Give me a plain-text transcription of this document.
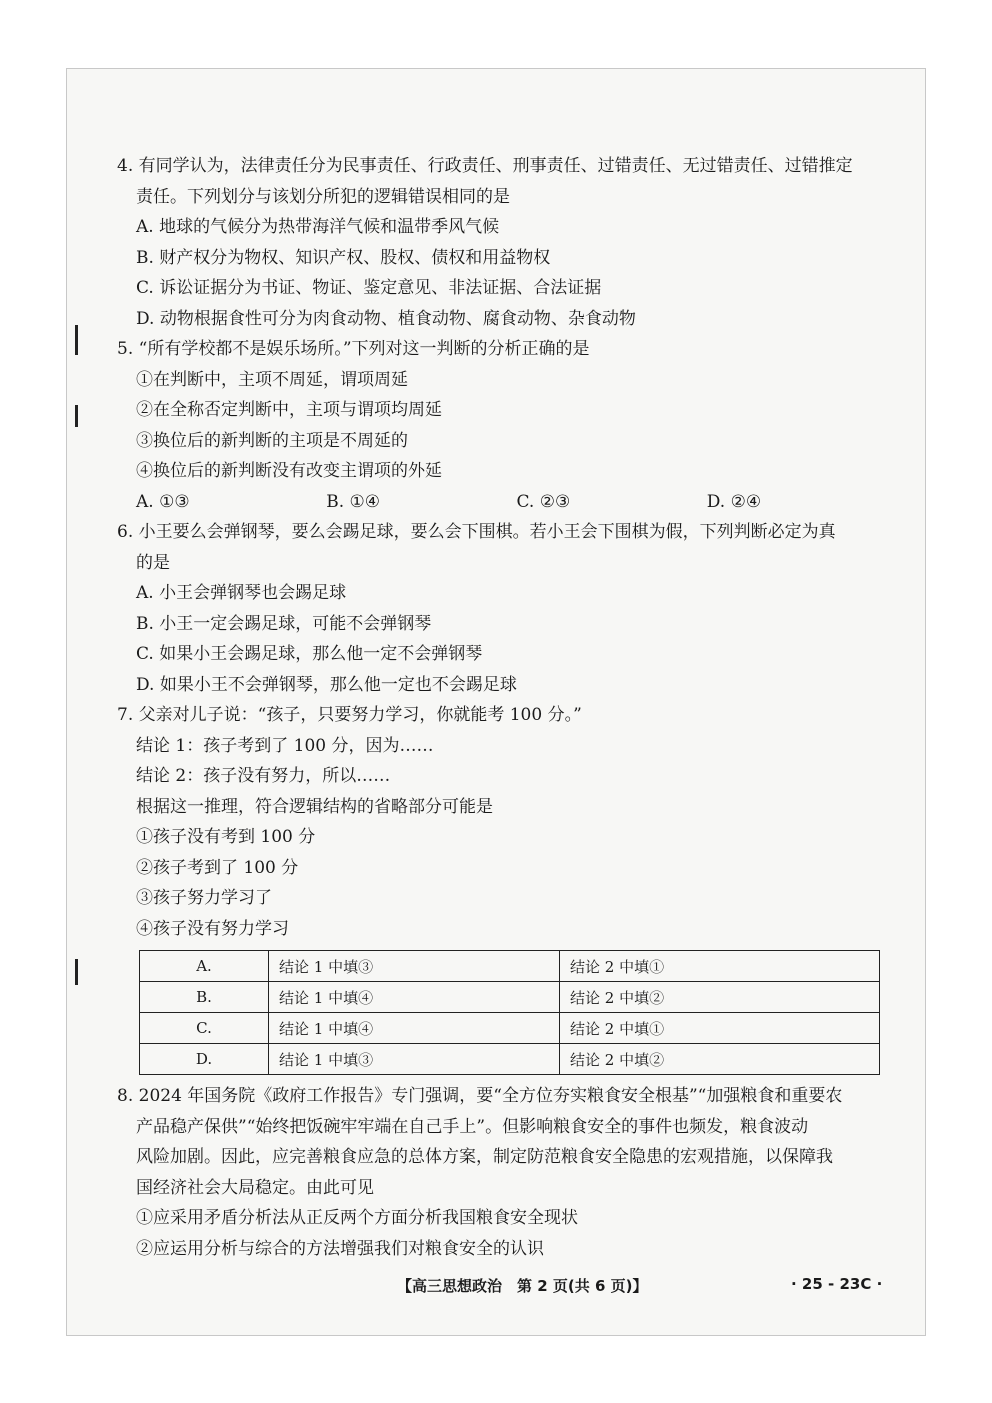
4. 有同学认为，法律责任分为民事责任、行政责任、刑事责任、过错责任、无过错责任、过错推定
责任。下列划分与该划分所犯的逻辑错误相同的是
A. 地球的气候分为热带海洋气候和温带季风气候
B. 财产权分为物权、知识产权、股权、债权和用益物权
C. 诉讼证据分为书证、物证、鉴定意见、非法证据、合法证据
D. 动物根据食性可分为肉食动物、植食动物、腐食动物、杂食动物
5. “所有学校都不是娱乐场所。”下列对这一判断的分析正确的是
①在判断中，主项不周延，谓项周延
②在全称否定判断中，主项与谓项均周延
③换位后的新判断的主项是不周延的
④换位后的新判断没有改变主谓项的外延
A. ①③	B. ①④	C. ②③	D. ②④
6. 小王要么会弹钢琴，要么会踢足球，要么会下围棋。若小王会下围棋为假，下列判断必定为真
的是
A. 小王会弹钢琴也会踢足球
B. 小王一定会踢足球，可能不会弹钢琴
C. 如果小王会踢足球，那么他一定不会弹钢琴
D. 如果小王不会弹钢琴，那么他一定也不会踢足球
7. 父亲对儿子说：“孩子，只要努力学习，你就能考 100 分。”
结论 1：孩子考到了 100 分，因为……
结论 2：孩子没有努力，所以……
根据这一推理，符合逻辑结构的省略部分可能是
①孩子没有考到 100 分
②孩子考到了 100 分
③孩子努力学习了
④孩子没有努力学习
A.	结论 1 中填③	结论 2 中填①
B.	结论 1 中填④	结论 2 中填②
C.	结论 1 中填④	结论 2 中填①
D.	结论 1 中填③	结论 2 中填②
8. 2024 年国务院《政府工作报告》专门强调，要“全方位夯实粮食安全根基”“加强粮食和重要农
产品稳产保供”“始终把饭碗牢牢端在自己手上”。但影响粮食安全的事件也频发，粮食波动
风险加剧。因此，应完善粮食应急的总体方案，制定防范粮食安全隐患的宏观措施，以保障我
国经济社会大局稳定。由此可见
①应采用矛盾分析法从正反两个方面分析我国粮食安全现状
②应运用分析与综合的方法增强我们对粮食安全的认识
【高三思想政治　第 2 页(共 6 页)】	· 25 - 23C ·
